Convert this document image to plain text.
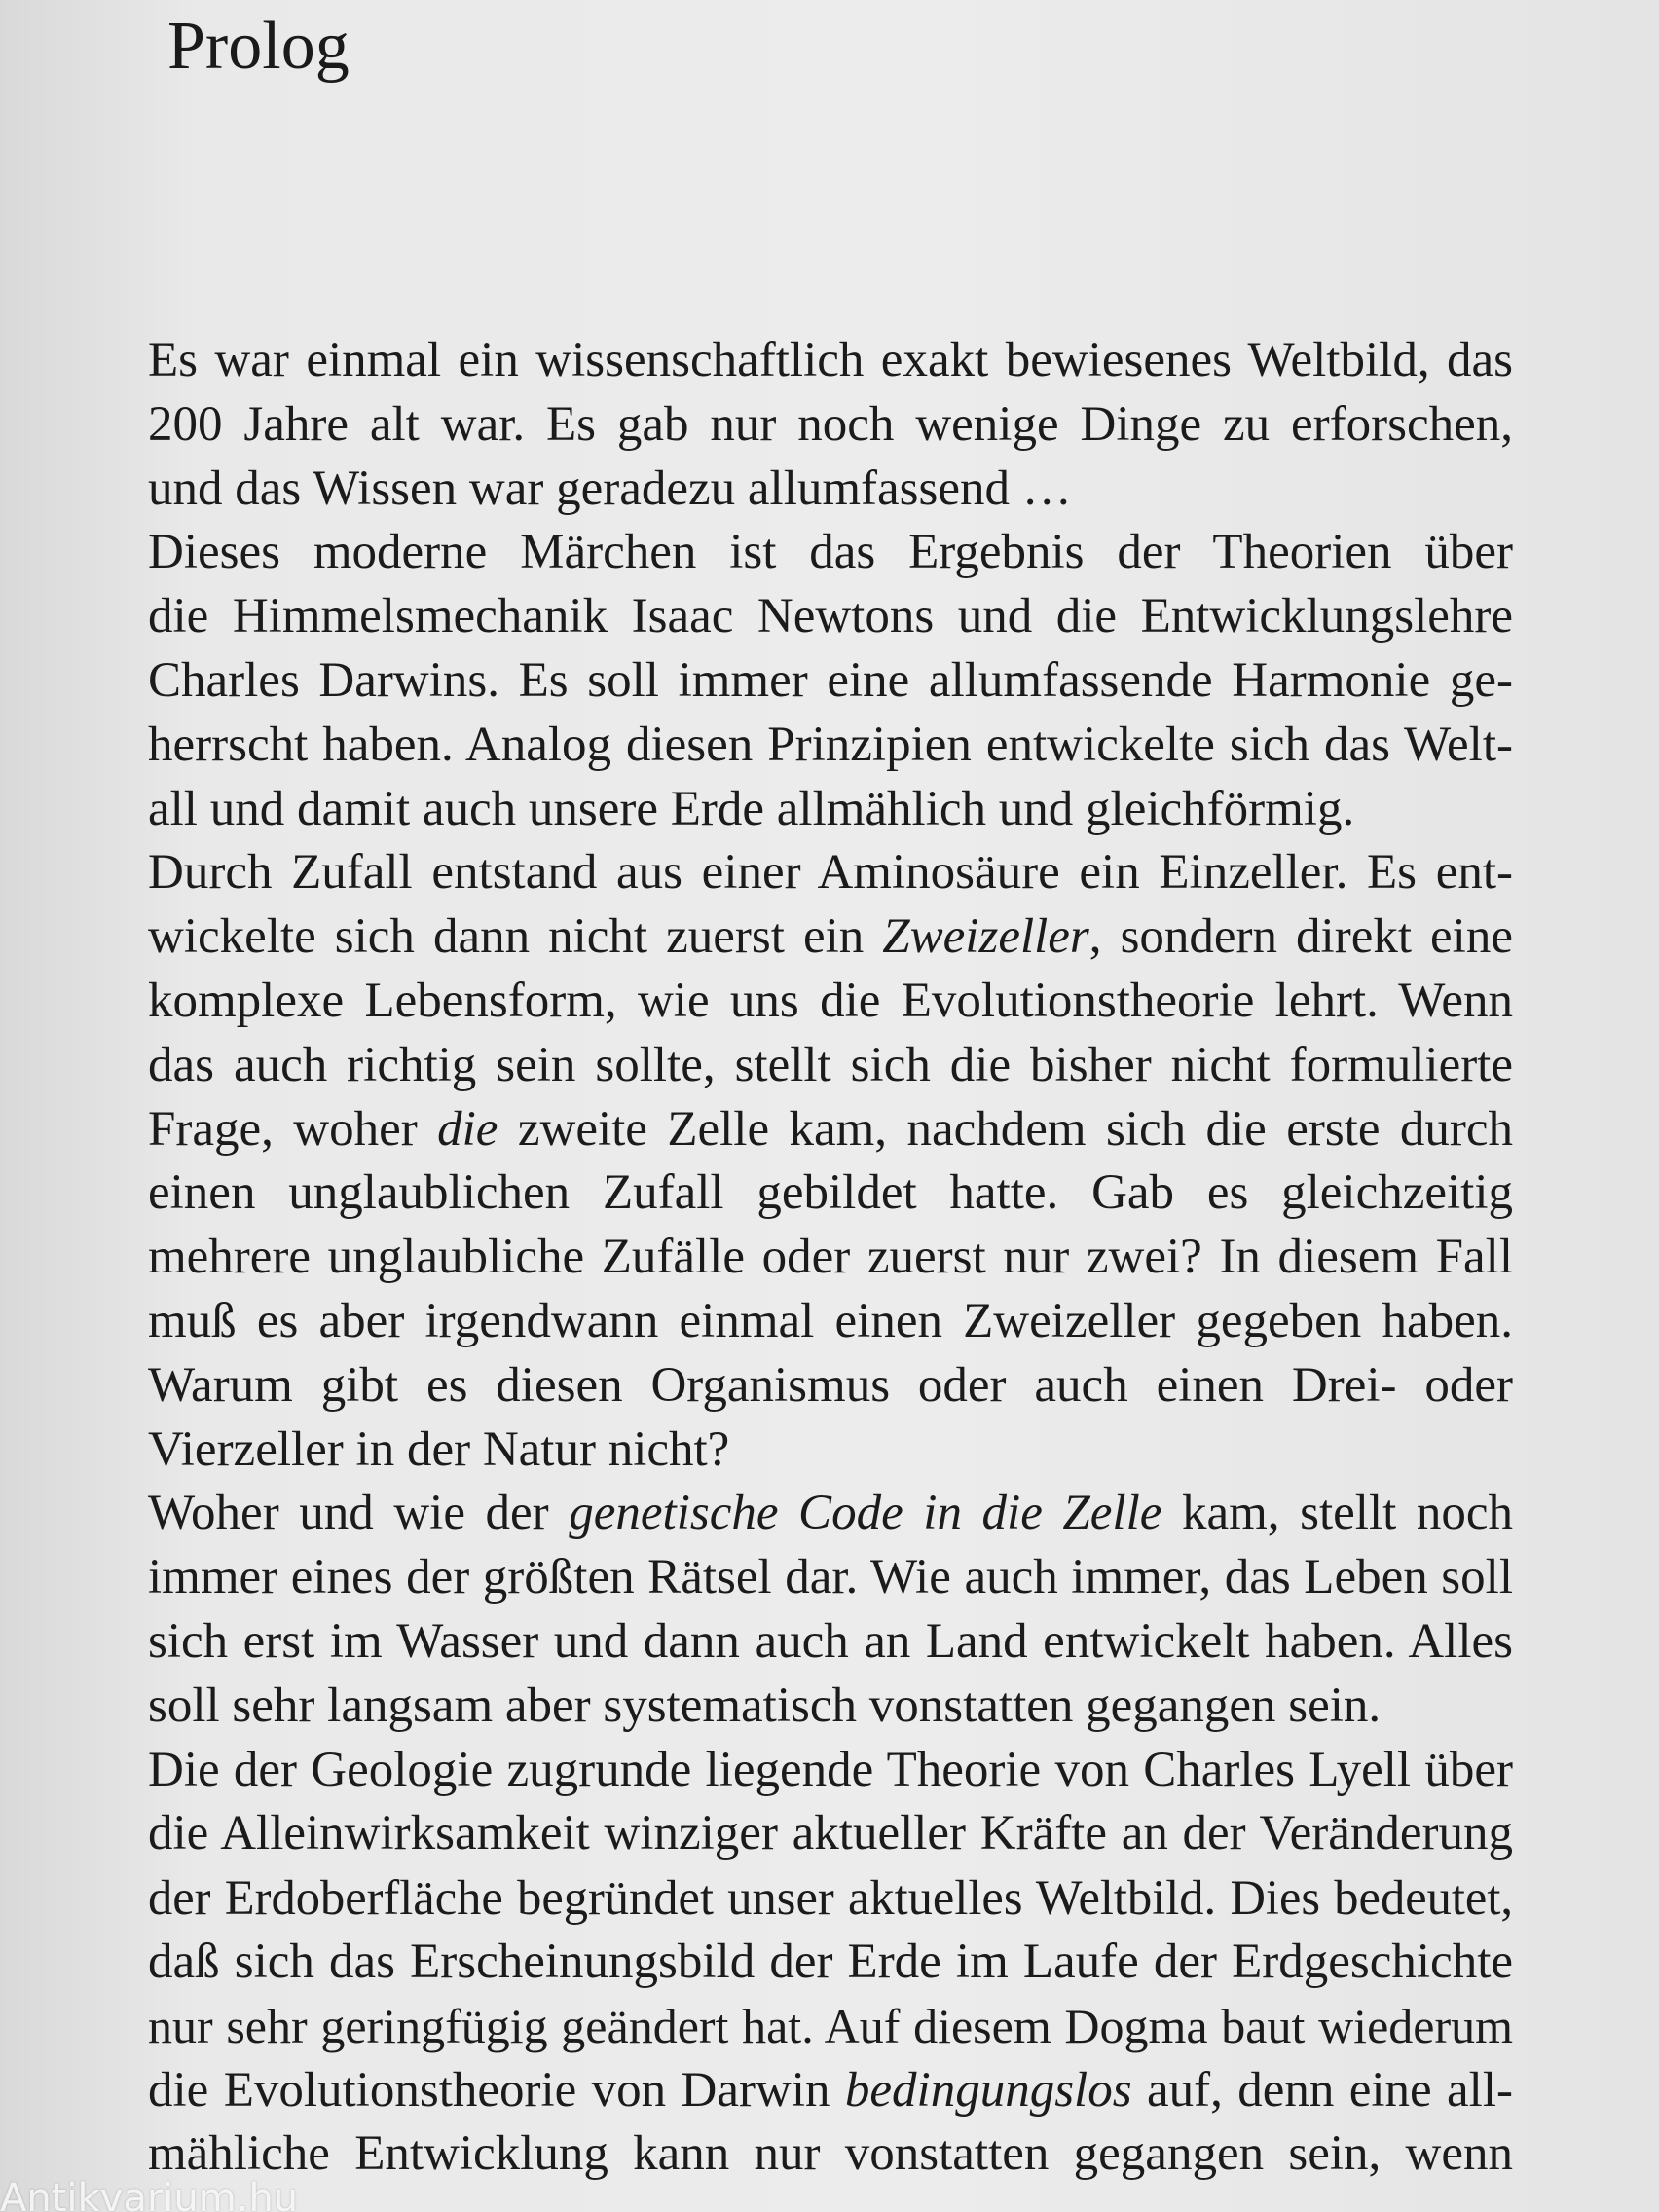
Prolog
Es war einmal ein wissenschaftlich exakt bewiesenes Weltbild, das
200 Jahre alt war. Es gab nur noch wenige Dinge zu erforschen,
und das Wissen war geradezu allumfassend …
Dieses moderne Märchen ist das Ergebnis der Theorien über
die Himmelsmechanik Isaac Newtons und die Entwicklungslehre
Charles Darwins. Es soll immer eine allumfassende Harmonie ge-
herrscht haben. Analog diesen Prinzipien entwickelte sich das Welt-
all und damit auch unsere Erde allmählich und gleichförmig.
Durch Zufall entstand aus einer Aminosäure ein Einzeller. Es ent-
wickelte sich dann nicht zuerst ein Zweizeller, sondern direkt eine
komplexe Lebensform, wie uns die Evolutionstheorie lehrt. Wenn
das auch richtig sein sollte, stellt sich die bisher nicht formulierte
Frage, woher die zweite Zelle kam, nachdem sich die erste durch
einen unglaublichen Zufall gebildet hatte. Gab es gleichzeitig
mehrere unglaubliche Zufälle oder zuerst nur zwei? In diesem Fall
muß es aber irgendwann einmal einen Zweizeller gegeben haben.
Warum gibt es diesen Organismus oder auch einen Drei- oder
Vierzeller in der Natur nicht?
Woher und wie der genetische Code in die Zelle kam, stellt noch
immer eines der größten Rätsel dar. Wie auch immer, das Leben soll
sich erst im Wasser und dann auch an Land entwickelt haben. Alles
soll sehr langsam aber systematisch vonstatten gegangen sein.
Die der Geologie zugrunde liegende Theorie von Charles Lyell über
die Alleinwirksamkeit winziger aktueller Kräfte an der Veränderung
der Erdoberfläche begründet unser aktuelles Weltbild. Dies bedeutet,
daß sich das Erscheinungsbild der Erde im Laufe der Erdgeschichte
nur sehr geringfügig geändert hat. Auf diesem Dogma baut wiederum
die Evolutionstheorie von Darwin bedingungslos auf, denn eine all-
mähliche Entwicklung kann nur vonstatten gegangen sein, wenn
Antikvarium.hu
